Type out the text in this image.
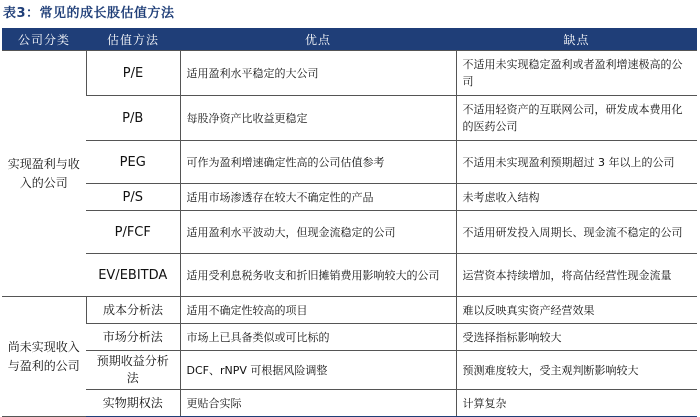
表3：常见的成长股估值方法
公司分类	估值方法	优点	缺点
实现盈利与收入的公司	P/E	适用盈利水平稳定的大公司	不适用未实现稳定盈利或者盈利增速极高的公司
	P/B	每股净资产比收益更稳定	不适用轻资产的互联网公司，研发成本费用化的医药公司
	PEG	可作为盈利增速确定性高的公司估值参考	不适用未实现盈利预期超过 3 年以上的公司
	P/S	适用市场渗透存在较大不确定性的产品	未考虑收入结构
	P/FCF	适用盈利水平波动大，但现金流稳定的公司	不适用研发投入周期长、现金流不稳定的公司
	EV/EBITDA	适用受利息税务收支和折旧摊销费用影响较大的公司	运营资本持续增加，将高估经营性现金流量
尚未实现收入与盈利的公司	成本分析法	适用不确定性较高的项目	难以反映真实资产经营效果
	市场分析法	市场上已具备类似或可比标的	受选择指标影响较大
	预期收益分析法	DCF、rNPV 可根据风险调整	预测难度较大，受主观判断影响较大
	实物期权法	更贴合实际	计算复杂
